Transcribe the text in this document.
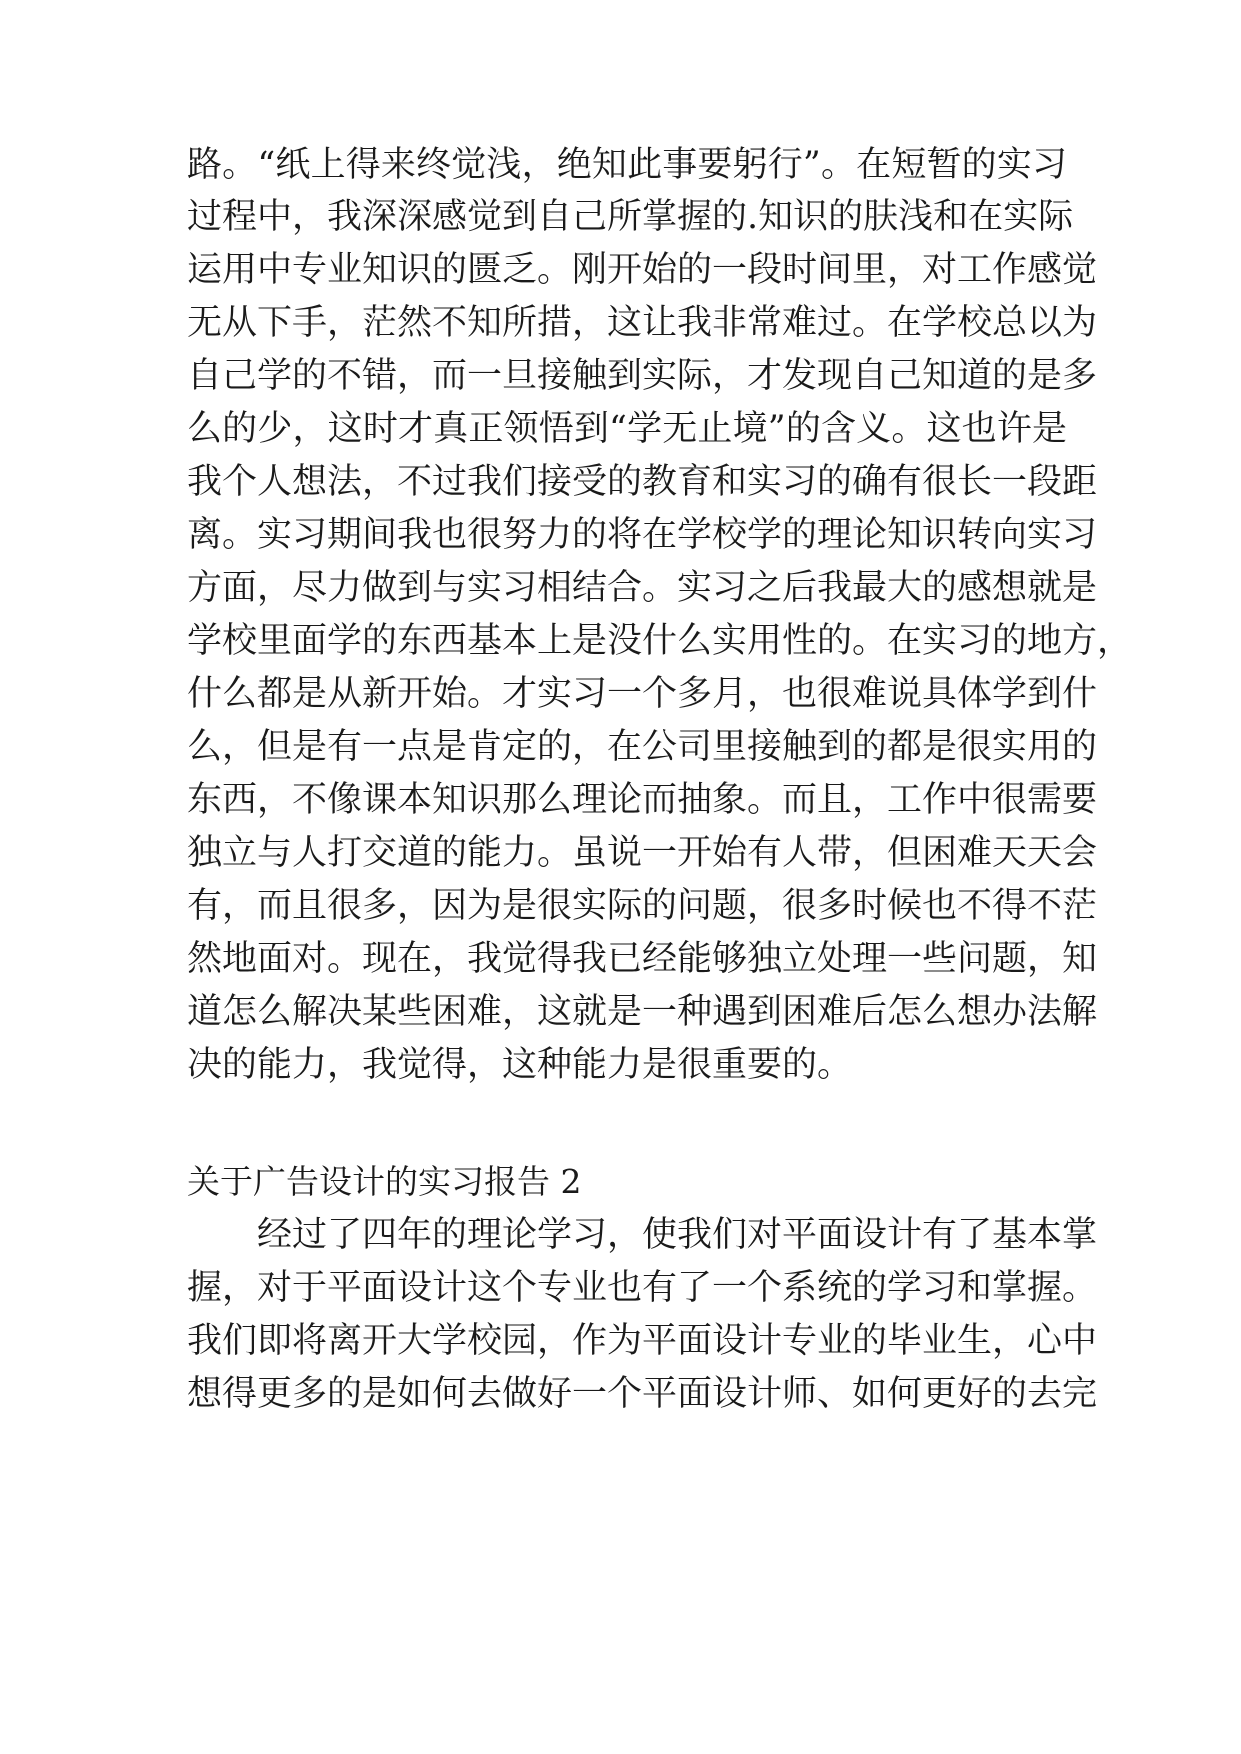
路。“纸上得来终觉浅，绝知此事要躬行”。在短暂的实习
过程中，我深深感觉到自己所掌握的.知识的肤浅和在实际
运用中专业知识的匮乏。刚开始的一段时间里，对工作感觉
无从下手，茫然不知所措，这让我非常难过。在学校总以为
自己学的不错，而一旦接触到实际，才发现自己知道的是多
么的少，这时才真正领悟到“学无止境”的含义。这也许是
我个人想法，不过我们接受的教育和实习的确有很长一段距
离。实习期间我也很努力的将在学校学的理论知识转向实习
方面，尽力做到与实习相结合。实习之后我最大的感想就是
学校里面学的东西基本上是没什么实用性的。在实习的地方，
什么都是从新开始。才实习一个多月，也很难说具体学到什
么，但是有一点是肯定的，在公司里接触到的都是很实用的
东西，不像课本知识那么理论而抽象。而且，工作中很需要
独立与人打交道的能力。虽说一开始有人带，但困难天天会
有，而且很多，因为是很实际的问题，很多时候也不得不茫
然地面对。现在，我觉得我已经能够独立处理一些问题，知
道怎么解决某些困难，这就是一种遇到困难后怎么想办法解
决的能力，我觉得，这种能力是很重要的。
关于广告设计的实习报告 2
　　经过了四年的理论学习，使我们对平面设计有了基本掌
握，对于平面设计这个专业也有了一个系统的学习和掌握。
我们即将离开大学校园，作为平面设计专业的毕业生，心中
想得更多的是如何去做好一个平面设计师、如何更好的去完
